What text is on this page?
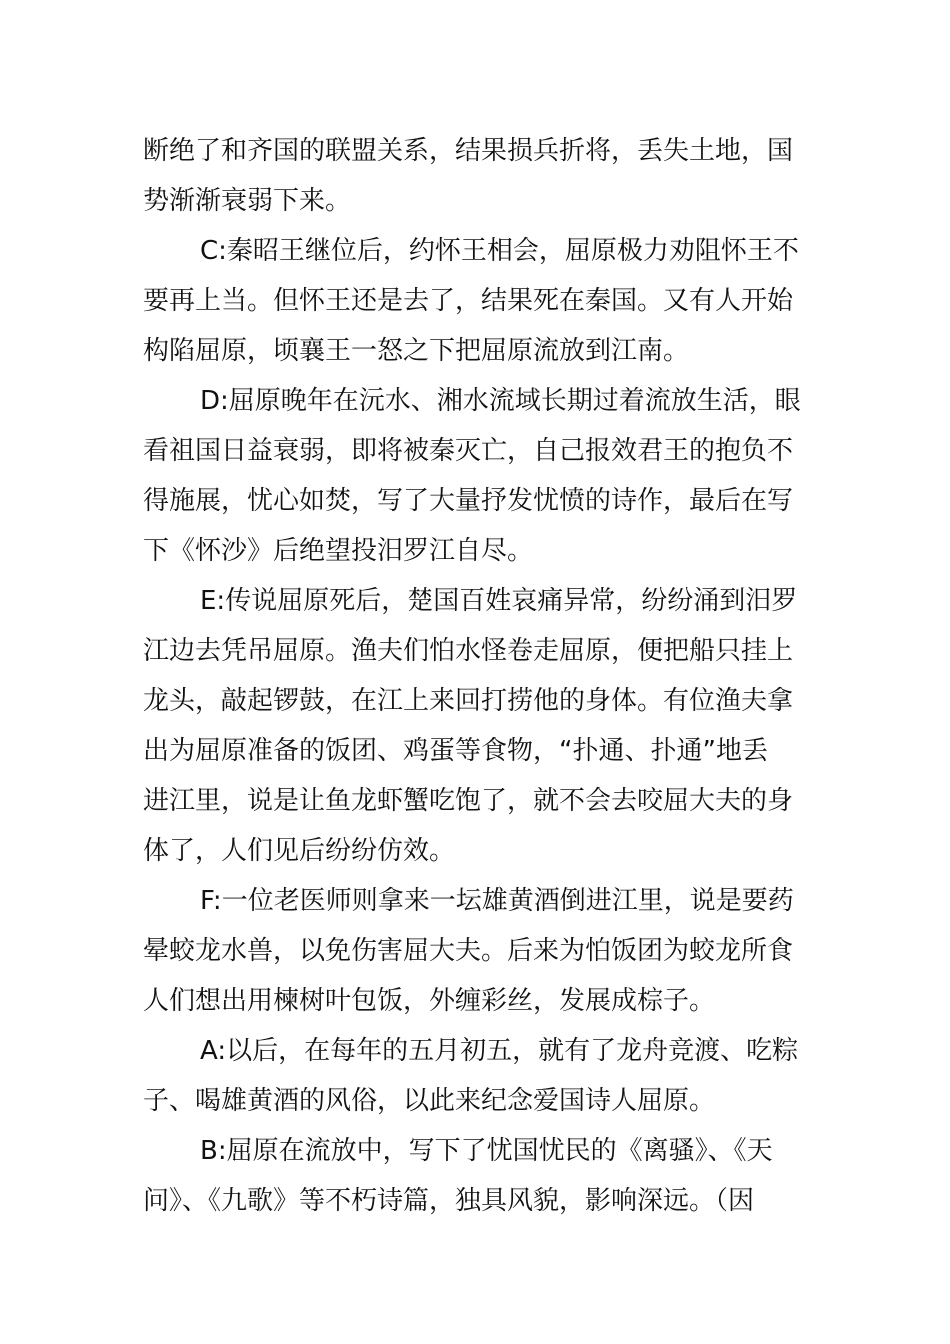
断绝了和齐国的联盟关系，结果损兵折将，丢失土地，国
势渐渐衰弱下来。
C:秦昭王继位后，约怀王相会，屈原极力劝阻怀王不
要再上当。但怀王还是去了，结果死在秦国。又有人开始
构陷屈原，顷襄王一怒之下把屈原流放到江南。
D:屈原晚年在沅水、湘水流域长期过着流放生活，眼
看祖国日益衰弱，即将被秦灭亡，自己报效君王的抱负不
得施展，忧心如焚，写了大量抒发忧愤的诗作，最后在写
下《怀沙》后绝望投汨罗江自尽。
E:传说屈原死后，楚国百姓哀痛异常，纷纷涌到汨罗
江边去凭吊屈原。渔夫们怕水怪卷走屈原，便把船只挂上
龙头，敲起锣鼓，在江上来回打捞他的身体。有位渔夫拿
出为屈原准备的饭团、鸡蛋等食物，“扑通、扑通”地丢
进江里，说是让鱼龙虾蟹吃饱了，就不会去咬屈大夫的身
体了，人们见后纷纷仿效。
F:一位老医师则拿来一坛雄黄酒倒进江里，说是要药
晕蛟龙水兽，以免伤害屈大夫。后来为怕饭团为蛟龙所食
人们想出用楝树叶包饭，外缠彩丝，发展成棕子。
A:以后，在每年的五月初五，就有了龙舟竞渡、吃粽
子、喝雄黄酒的风俗，以此来纪念爱国诗人屈原。
B:屈原在流放中，写下了忧国忧民的《离骚》、《天
问》、《九歌》等不朽诗篇，独具风貌，影响深远。（因
